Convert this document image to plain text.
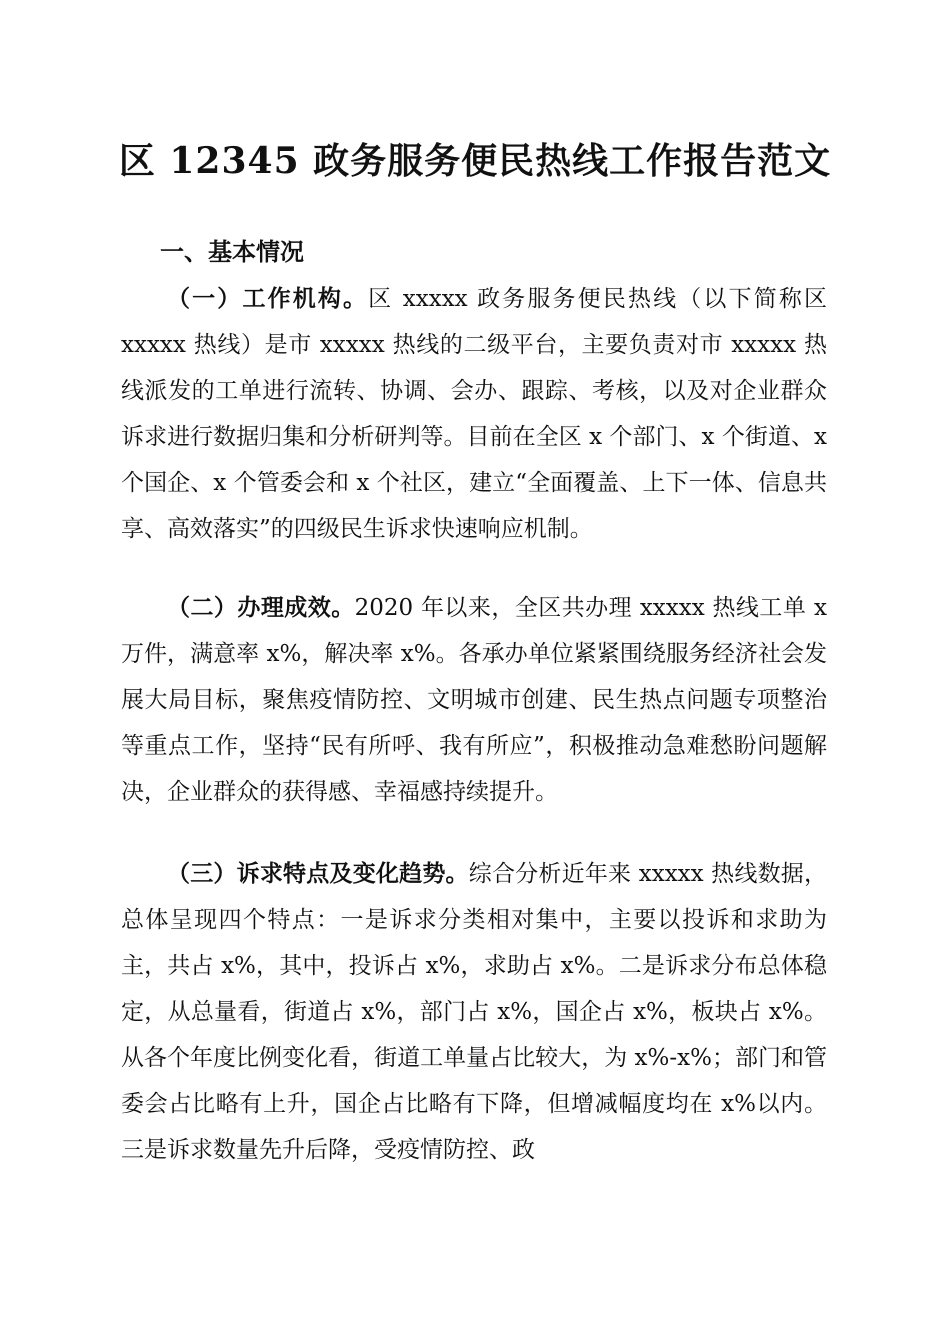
区 12345 政务服务便民热线工作报告范文
一、基本情况

（一）工作机构。区 xxxxx 政务服务便民热线（以下简称区 xxxxx 热线）是市 xxxxx 热线的二级平台，主要负责对市 xxxxx 热线派发的工单进行流转、协调、会办、跟踪、考核，以及对企业群众诉求进行数据归集和分析研判等。目前在全区 x 个部门、x 个街道、x 个国企、x 个管委会和 x 个社区，建立“全面覆盖、上下一体、信息共享、高效落实”的四级民生诉求快速响应机制。

（二）办理成效。2020 年以来，全区共办理 xxxxx 热线工单 x 万件，满意率 x%，解决率 x%。各承办单位紧紧围绕服务经济社会发展大局目标，聚焦疫情防控、文明城市创建、民生热点问题专项整治等重点工作，坚持“民有所呼、我有所应”，积极推动急难愁盼问题解决，企业群众的获得感、幸福感持续提升。

（三）诉求特点及变化趋势。综合分析近年来 xxxxx 热线数据，总体呈现四个特点：一是诉求分类相对集中，主要以投诉和求助为主，共占 x%，其中，投诉占 x%，求助占 x%。二是诉求分布总体稳定，从总量看，街道占 x%，部门占 x%，国企占 x%，板块占 x%。从各个年度比例变化看，街道工单量占比较大，为 x%-x%；部门和管委会占比略有上升，国企占比略有下降，但增减幅度均在 x%以内。三是诉求数量先升后降，受疫情防控、政
